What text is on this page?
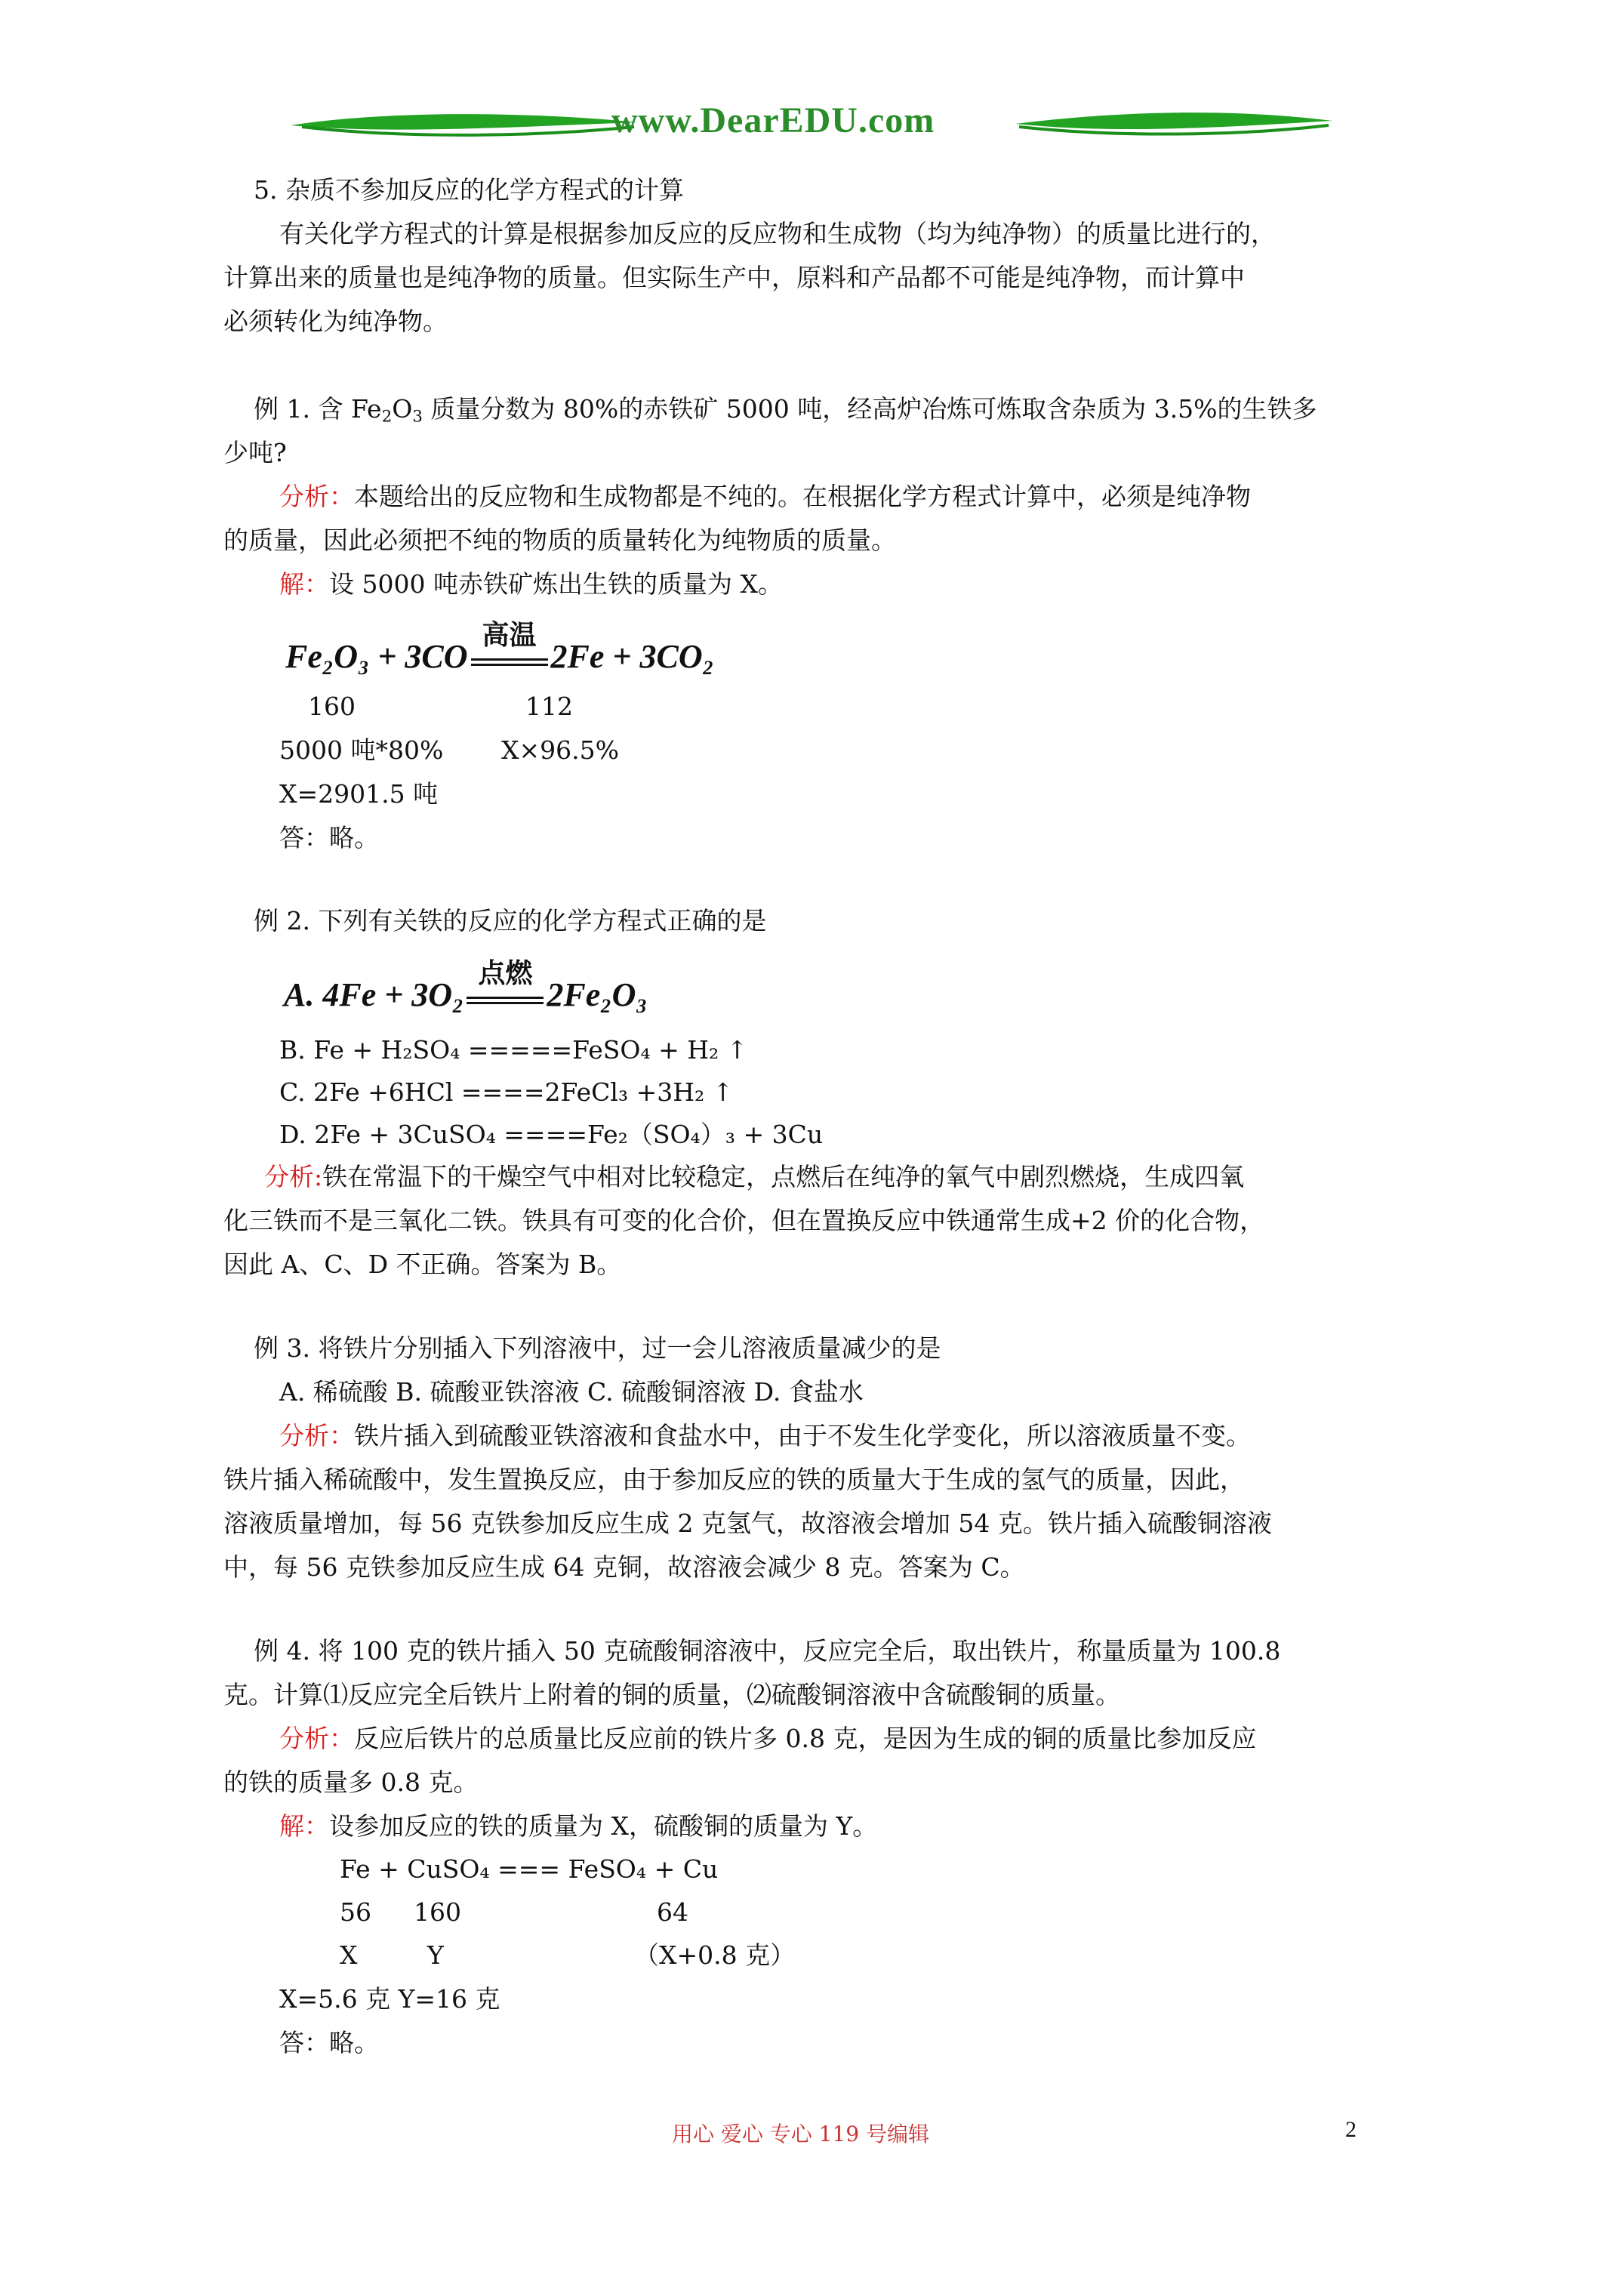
www.DearEDU.com
5. 杂质不参加反应的化学方程式的计算
有关化学方程式的计算是根据参加反应的反应物和生成物（均为纯净物）的质量比进行的，
计算出来的质量也是纯净物的质量。但实际生产中，原料和产品都不可能是纯净物，而计算中
必须转化为纯净物。
例 1. 含 $Fe_2O_3$ 质量分数为 80%的赤铁矿 5000 吨，经高炉冶炼可炼取含杂质为 3.5%的生铁多
少吨?
分析：本题给出的反应物和生成物都是不纯的。在根据化学方程式计算中，必须是纯净物
的质量，因此必须把不纯的物质的质量转化为纯物质的质量。
解：设 5000 吨赤铁矿炼出生铁的质量为 X。
Fe₂O₃ + 3CO
高温
2Fe + 3CO₂
160	112
5000 吨*80% X×96.5%
X=2901.5 吨
答：略。
例 2. 下列有关铁的反应的化学方程式正确的是
A. 4Fe + 3O₂
点燃
2Fe₂O₃
B. Fe + H₂SO₄ =====FeSO₄ + H₂ ↑
C. 2Fe +6HCl ====2FeCl₃ +3H₂ ↑
D. 2Fe + 3CuSO₄ ====Fe₂（SO₄）₃ + 3Cu
分析:铁在常温下的干燥空气中相对比较稳定，点燃后在纯净的氧气中剧烈燃烧，生成四氧
化三铁而不是三氧化二铁。铁具有可变的化合价，但在置换反应中铁通常生成+2 价的化合物，
因此 A、C、D 不正确。答案为 B。
例 3. 将铁片分别插入下列溶液中，过一会儿溶液质量减少的是
A. 稀硫酸 B. 硫酸亚铁溶液 C. 硫酸铜溶液 D. 食盐水
分析：铁片插入到硫酸亚铁溶液和食盐水中，由于不发生化学变化，所以溶液质量不变。
铁片插入稀硫酸中，发生置换反应，由于参加反应的铁的质量大于生成的氢气的质量，因此，
溶液质量增加，每 56 克铁参加反应生成 2 克氢气，故溶液会增加 54 克。铁片插入硫酸铜溶液
中，每 56 克铁参加反应生成 64 克铜，故溶液会减少 8 克。答案为 C。
例 4. 将 100 克的铁片插入 50 克硫酸铜溶液中，反应完全后，取出铁片，称量质量为 100.8
克。计算⑴反应完全后铁片上附着的铜的质量，⑵硫酸铜溶液中含硫酸铜的质量。
分析：反应后铁片的总质量比反应前的铁片多 0.8 克，是因为生成的铜的质量比参加反应
的铁的质量多 0.8 克。
解：设参加反应的铁的质量为 X，硫酸铜的质量为 Y。
Fe + CuSO₄ === FeSO₄ + Cu
56 160	64
X	Y	（X+0.8 克）
X=5.6 克 Y=16 克
答：略。
用心 爱心 专心 119 号编辑	2
